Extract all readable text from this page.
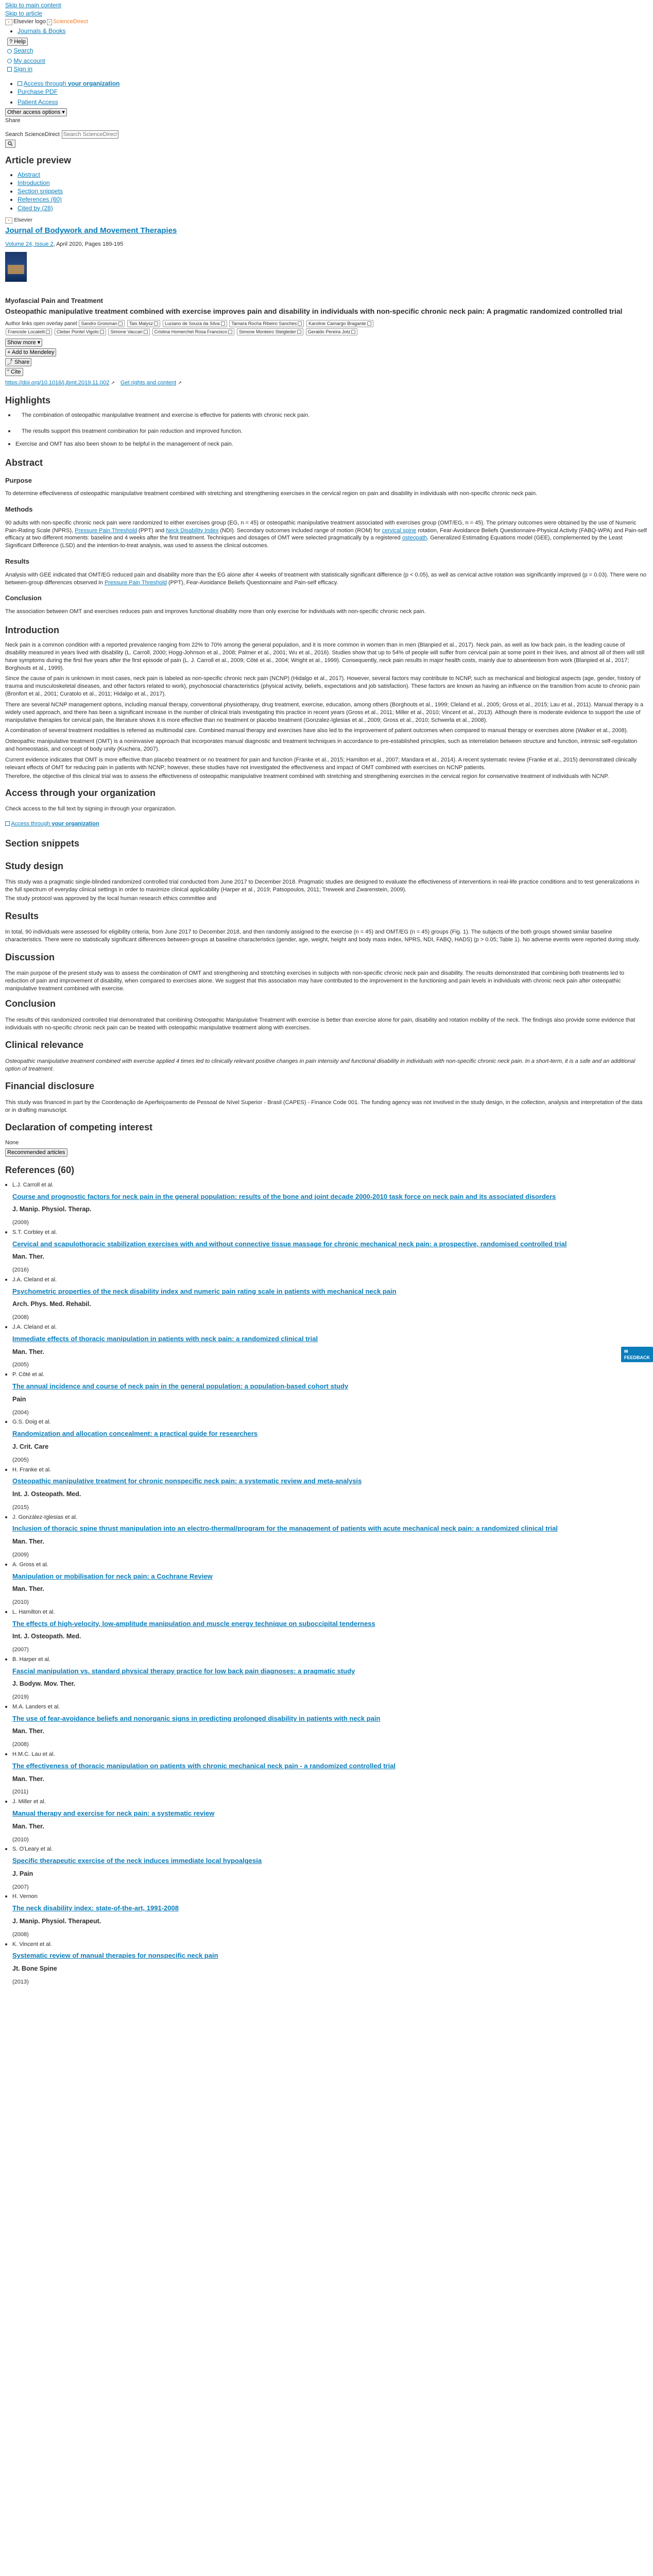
Skip to main content
Skip to article
▪ Elsevier logo ▪ ScienceDirect
• Journals & Books
? Help
Search
My account
Sign in
• Access through your organization
• Purchase PDF
• Patient Access
Other access options ▾
Share
Search ScienceDirect
Search ScienceDirect
Article preview
• Abstract
• Introduction
• Section snippets
• References (60)
• Cited by (28)
▪ Elsevier
Journal of Bodywork and Movement Therapies
Volume 24, Issue 2, April 2020, Pages 189-195
Myofascial Pain and Treatment
Osteopathic manipulative treatment combined with exercise improves pain and disability in individuals with non-specific chronic neck pain: A pragmatic randomized controlled trial
Author links open overlay panel Sandro Groisman
	Tais Malysz
	Luciano de Souza da Silva
	Tamara Rocha Ribeiro Sanches
	Karoline Camargo Bragante

Francisle Locatelli
	Cleber Pontel Vigolo
	Simone Vaccari
	Cristina Homerchel Rosa Francisco
	Simone Monteiro Steigleder
	Geraldo Pereira Jotz
Show more ▾
+ Add to Mendeley
⤴ Share
" Cite
https://doi.org/10.1016/j.jbmt.2019.11.002 ↗ Get rights and content ↗
Highlights
• The combination of osteopathic manipulative treatment and exercise is effective for patients with chronic neck pain.
• The results support this treatment combination for pain reduction and improved function.
• Exercise and OMT has also been shown to be helpful in the management of neck pain.
Abstract
Purpose

To determine effectiveness of osteopathic manipulative treatment combined with stretching and strengthening exercises in the cervical region on pain and disability in individuals with non-specific chronic neck pain.

Methods

90 adults with non-specific chronic neck pain were randomized to either exercises group (EG, n = 45) or osteopathic manipulative treatment associated with exercises group (OMT/EG, n = 45). The primary outcomes were obtained by the use of Numeric Pain-Rating Scale (NPRS), Pressure Pain Threshold (PPT) and Neck Disability Index (NDI). Secondary outcomes included range of motion (ROM) for cervical spine rotation, Fear-Avoidance Beliefs Questionnaire-Physical Activity (FABQ-WPA) and Pain-self efficacy at two different moments: baseline and 4 weeks after the first treatment. Techniques and dosages of OMT were selected pragmatically by a registered osteopath. Generalized Estimating Equations model (GEE), complemented by the Least Significant Difference (LSD) and the intention-to-treat analysis, was used to assess the clinical outcomes.

Results

Analysis with GEE indicated that OMT/EG reduced pain and disability more than the EG alone after 4 weeks of treatment with statistically significant difference (p < 0.05), as well as cervical active rotation was significantly improved (p = 0.03). There were no between-group differences observed in Pressure Pain Threshold (PPT), Fear-Avoidance Beliefs Questionnaire and Pain-self efficacy.

Conclusion

The association between OMT and exercises reduces pain and improves functional disability more than only exercise for individuals with non-specific chronic neck pain.

Introduction

Neck pain is a common condition with a reported prevalence ranging from 22% to 70% among the general population, and it is more common in women than in men (Blanpied et al., 2017). Neck pain, as well as low back pain, is the leading cause of disability measured in years lived with disability (L. Carroll, 2000; Hogg-Johnson et al., 2008; Palmer et al., 2001; Wu et al., 2016). Studies show that up to 54% of people will suffer from cervical pain at some point in their lives, and almost all of them will still have symptoms during the first five years after the first episode of pain (L. J. Carroll et al., 2009; Côté et al., 2004; Wright et al., 1999). Consequently, neck pain results in major health costs, mainly due to absenteeism from work (Blanpied et al., 2017; Borghouts et al., 1999).

Since the cause of pain is unknown in most cases, neck pain is labeled as non-specific chronic neck pain (NCNP) (Hidalgo et al., 2017). However, several factors may contribute to NCNP, such as mechanical and biological aspects (age, gender, history of trauma and musculoskeletal diseases, and other factors related to work), psychosocial characteristics (physical activity, beliefs, expectations and job satisfaction). These factors are known as having an influence on the transition from acute to chronic pain (Bronfort et al., 2001; Curatolo et al., 2011; Hidalgo et al., 2017).

There are several NCNP management options, including manual therapy, conventional physiotherapy, drug treatment, exercise, education, among others (Borghouts et al., 1999; Cleland et al., 2005; Gross et al., 2015; Lau et al., 2011). Manual therapy is a widely used approach, and there has been a significant increase in the number of clinical trials investigating this practice in recent years (Gross et al., 2011; Miller et al., 2010; Vincent et al., 2013). Although there is moderate evidence to support the use of manipulative therapies for cervical pain, the literature shows it is more effective than no treatment or placebo treatment (Gonzalez-Iglesias et al., 2009; Gross et al., 2010; Schwerla et al., 2008).

A combination of several treatment modalities is referred as multimodal care. Combined manual therapy and exercises have also led to the improvement of patient outcomes when compared to manual therapy or exercises alone (Walker et al., 2008).

Osteopathic manipulative treatment (OMT) is a noninvasive approach that incorporates manual diagnostic and treatment techniques in accordance to pre-established principles, such as interrelation between structure and function, intrinsic self-regulation and homeostasis, and concept of body unity (Kuchera, 2007).

Current evidence indicates that OMT is more effective than placebo treatment or no treatment for pain and function (Franke et al., 2015; Hamilton et al., 2007; Mandara et al., 2014). A recent systematic review (Franke et al., 2015) demonstrated clinically relevant effects of OMT for reducing pain in patients with NCNP; however, these studies have not investigated the effectiveness and impact of OMT combined with exercises on NCNP patients.

Therefore, the objective of this clinical trial was to assess the effectiveness of osteopathic manipulative treatment combined with stretching and strengthening exercises in the cervical region for conservative treatment of individuals with NCNP.

Access through your organization

Check access to the full text by signing in through your organization.

Access through your organization
Section snippets
Study design

This study was a pragmatic single-blinded randomized controlled trial conducted from June 2017 to December 2018. Pragmatic studies are designed to evaluate the effectiveness of interventions in real-life practice conditions and to test generalizations in the full spectrum of everyday clinical settings in order to maximize clinical applicability (Harper et al., 2019; Patsopoulos, 2011; Treweek and Zwarenstein, 2009).

The study protocol was approved by the local human research ethics committee and

Results

In total, 90 individuals were assessed for eligibility criteria, from June 2017 to December 2018, and then randomly assigned to the exercise (n = 45) and OMT/EG (n = 45) groups (Fig. 1). The subjects of the both groups showed similar baseline characteristics. There were no statistically significant differences between-groups at baseline characteristics (gender, age, weight, height and body mass index, NPRS, NDI, FABQ, HADS) (p > 0.05; Table 1). No adverse events were reported during study.

Discussion

The main purpose of the present study was to assess the combination of OMT and strengthening and stretching exercises in subjects with non-specific chronic neck pain and disability. The results demonstrated that combining both treatments led to reduction of pain and improvement of disability, when compared to exercises alone. We suggest that this association may have contributed to the improvement in the functioning and pain levels in individuals with chronic neck pain after osteopathic manipulative treatment combined with exercise.

Conclusion

The results of this randomized controlled trial demonstrated that combining Osteopathic Manipulative Treatment with exercise is better than exercise alone for pain, disability and rotation mobility of the neck. The findings also provide some evidence that individuals with no-specific chronic neck pain can be treated with osteopathic manipulative treatment along with exercises.

Clinical relevance

Osteopathic manipulative treatment combined with exercise applied 4 times led to clinically relevant positive changes in pain intensity and functional disability in individuals with non-specific chronic neck pain. In a short-term, it is a safe and an additional option of treatment.

Financial disclosure

This study was financed in part by the Coordenação de Aperfeiçoamento de Pessoal de Nível Superior - Brasil (CAPES) - Finance Code 001. The funding agency was not involved in the study design, in the collection, analysis and interpretation of the data or in drafting manuscript.

Declaration of competing interest

None

Recommended articles
References (60)
• L.J. Carroll et al.
Course and prognostic factors for neck pain in the general population: results of the bone and joint decade 2000-2010 task force on neck pain and its associated disorders
J. Manip. Physiol. Therap.
(2009)
• S.T. Corbley et al.
Cervical and scapulothoracic stabilization exercises with and without connective tissue massage for chronic mechanical neck pain: a prospective, randomised controlled trial
Man. Ther.
(2016)
• J.A. Cleland et al.
Psychometric properties of the neck disability index and numeric pain rating scale in patients with mechanical neck pain
Arch. Phys. Med. Rehabil.
(2008)
• J.A. Cleland et al.
Immediate effects of thoracic manipulation in patients with neck pain: a randomized clinical trial
Man. Ther.
(2005)
• P. Côté et al.
The annual incidence and course of neck pain in the general population: a population-based cohort study
Pain
(2004)
• G.S. Doig et al.
Randomization and allocation concealment: a practical guide for researchers
J. Crit. Care
(2005)
• H. Franke et al.
Osteopathic manipulative treatment for chronic nonspecific neck pain: a systematic review and meta-analysis
Int. J. Osteopath. Med.
(2015)
• J. González-Iglesias et al.
Inclusion of thoracic spine thrust manipulation into an electro-thermal/program for the management of patients with acute mechanical neck pain: a randomized clinical trial
Man. Ther.
(2009)
• A. Gross et al.
Manipulation or mobilisation for neck pain: a Cochrane Review
Man. Ther.
(2010)
• L. Hamilton et al.
The effects of high-velocity, low-amplitude manipulation and muscle energy technique on suboccipital tenderness
Int. J. Osteopath. Med.
(2007)
• B. Harper et al.
Fascial manipulation vs. standard physical therapy practice for low back pain diagnoses: a pragmatic study
J. Bodyw. Mov. Ther.
(2019)
• M.A. Landers et al.
The use of fear-avoidance beliefs and nonorganic signs in predicting prolonged disability in patients with neck pain
Man. Ther.
(2008)
• H.M.C. Lau et al.
The effectiveness of thoracic manipulation on patients with chronic mechanical neck pain - a randomized controlled trial
Man. Ther.
(2011)
• J. Miller et al.
Manual therapy and exercise for neck pain: a systematic review
Man. Ther.
(2010)
• S. O'Leary et al.
Specific therapeutic exercise of the neck induces immediate local hypoalgesia
J. Pain
(2007)
• H. Vernon
The neck disability index: state-of-the-art, 1991-2008
J. Manip. Physiol. Therapeut.
(2008)
• K. Vincent et al.
Systematic review of manual therapies for nonspecific neck pain
Jt. Bone Spine
(2013)
✉ FEEDBACK
